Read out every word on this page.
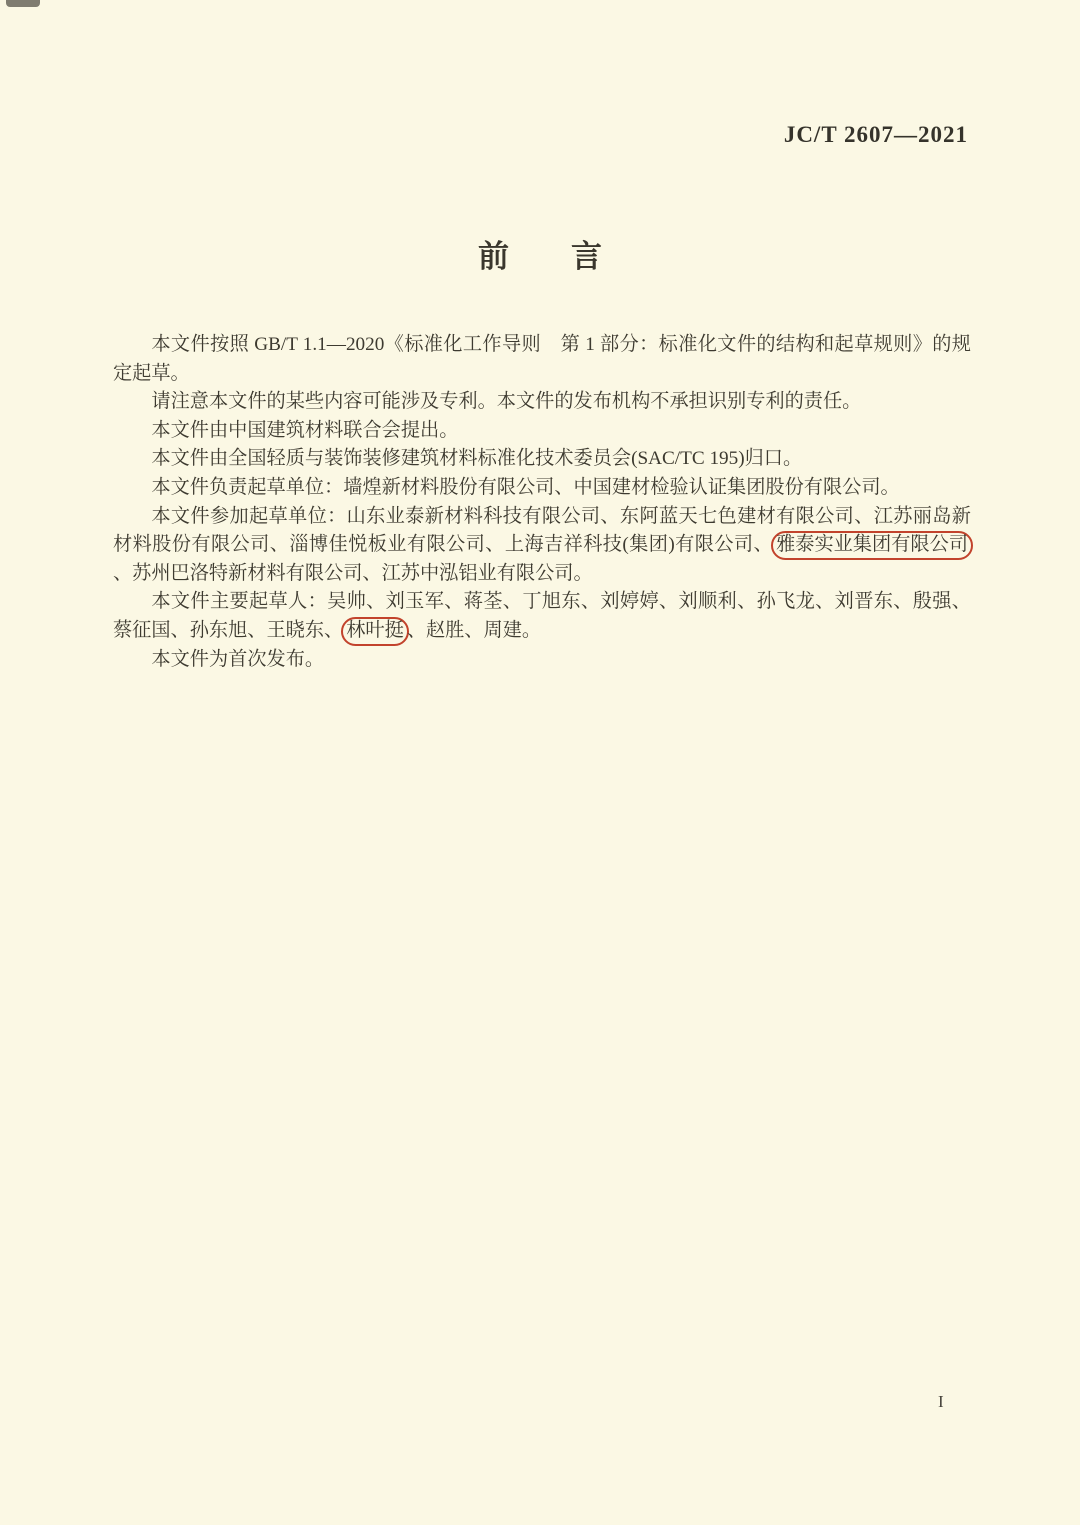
JC/T 2607—2021
前　　言

本文件按照 GB/T 1.1—2020《标准化工作导则　第 1 部分：标准化文件的结构和起草规则》的规定起草。

请注意本文件的某些内容可能涉及专利。本文件的发布机构不承担识别专利的责任。

本文件由中国建筑材料联合会提出。

本文件由全国轻质与装饰装修建筑材料标准化技术委员会(SAC/TC 195)归口。

本文件负责起草单位：墙煌新材料股份有限公司、中国建材检验认证集团股份有限公司。

本文件参加起草单位：山东业泰新材料科技有限公司、东阿蓝天七色建材有限公司、江苏丽岛新材料股份有限公司、淄博佳悦板业有限公司、上海吉祥科技(集团)有限公司、 雅泰实业集团有限公司、苏州巴洛特新材料有限公司、江苏中泓铝业有限公司。

本文件主要起草人：吴帅、刘玉军、蒋荃、丁旭东、刘婷婷、刘顺利、孙飞龙、刘晋东、殷强、蔡征国、孙东旭、王晓东、 林叶挺 、赵胜、周建。

本文件为首次发布。

I
